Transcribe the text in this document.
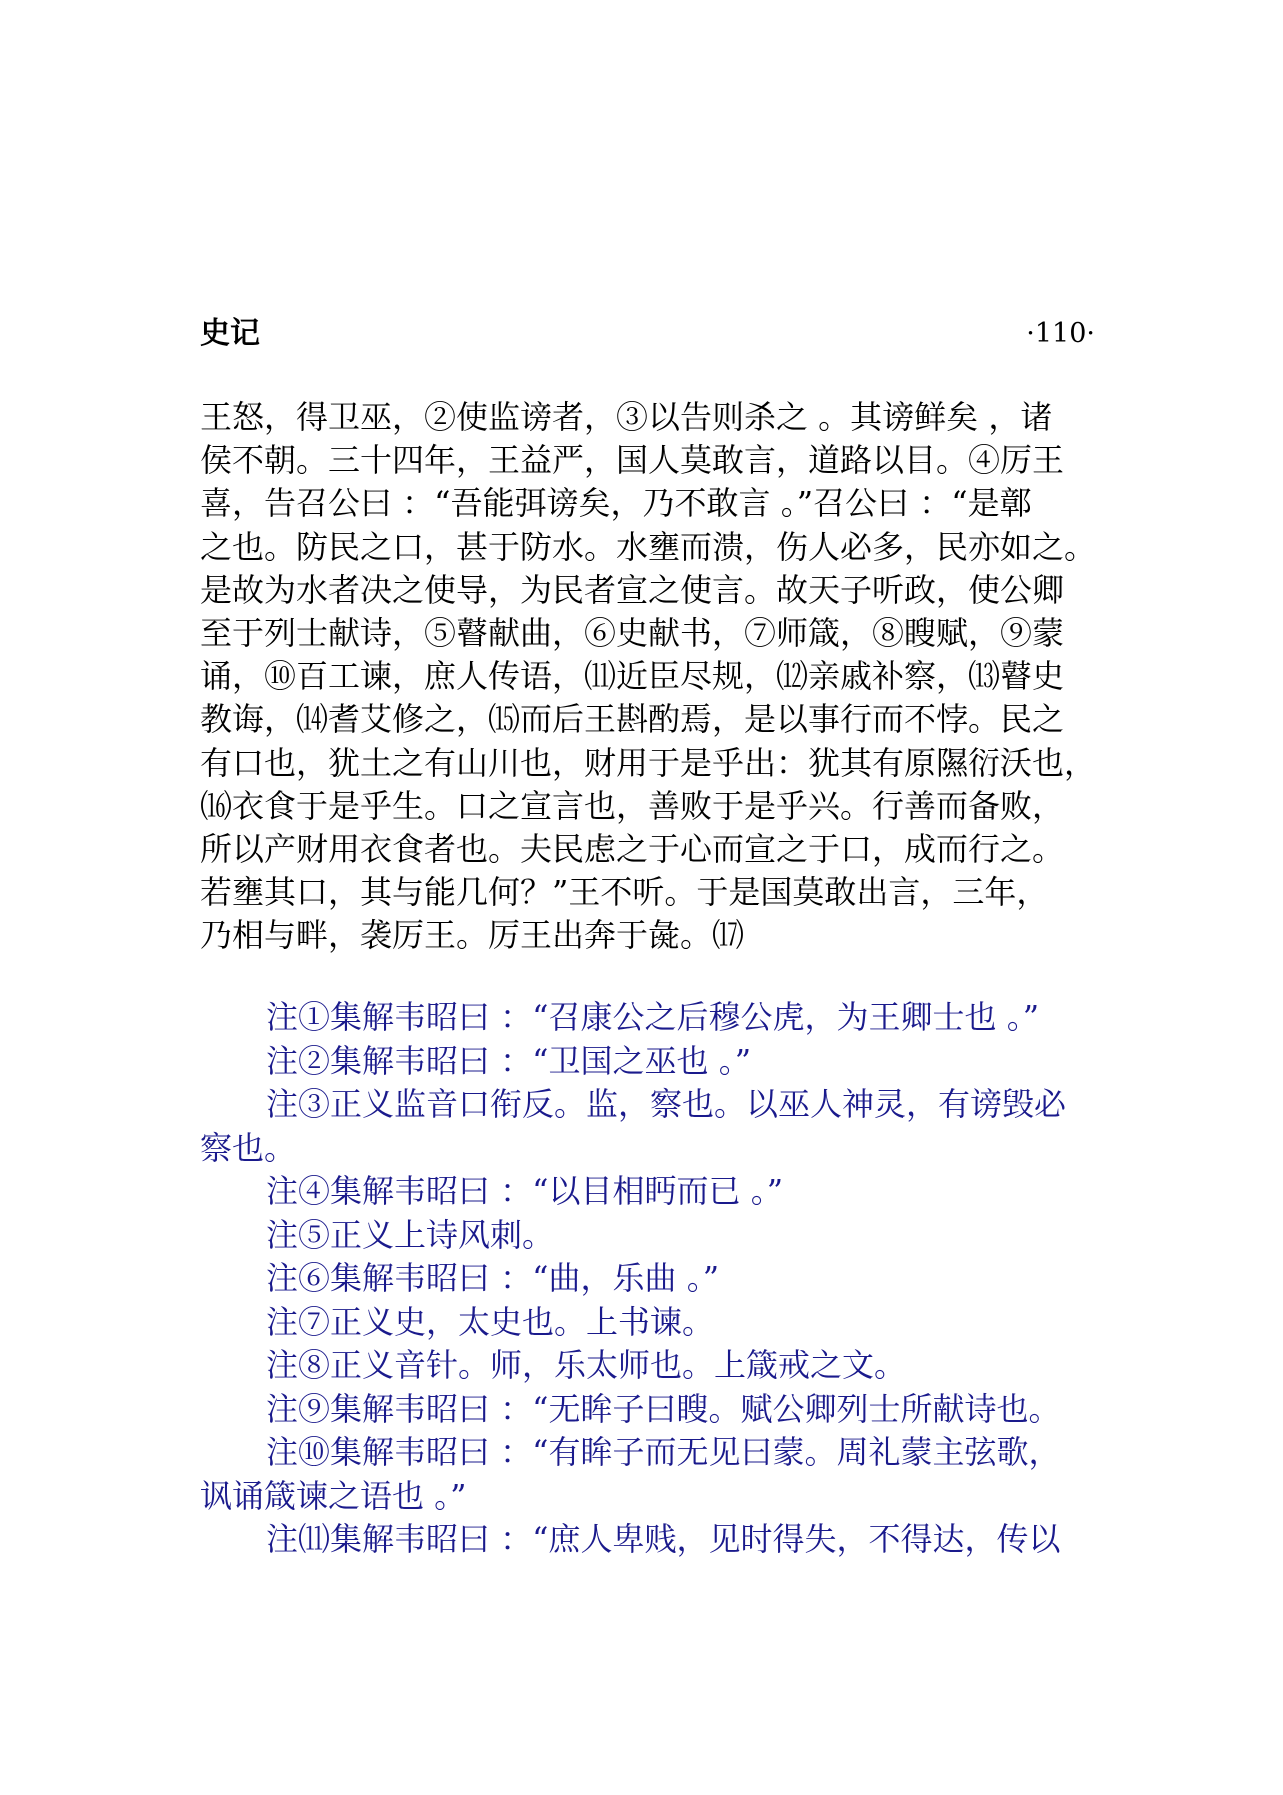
史记	·110·
王怒，得卫巫，②使监谤者，③以告则杀之 。其谤鲜矣 ，诸
侯不朝。三十四年，王益严，国人莫敢言，道路以目。④厉王
喜，告召公曰 ：“吾能弭谤矣，乃不敢言 。”召公曰 ：“是鄣
之也。防民之口，甚于防水。水壅而溃，伤人必多，民亦如之。
是故为水者决之使导，为民者宣之使言。故天子听政，使公卿
至于列士献诗，⑤瞽献曲，⑥史献书，⑦师箴，⑧瞍赋，⑨蒙
诵，⑩百工谏，庶人传语，⑾近臣尽规，⑿亲戚补察，⒀瞽史
教诲，⒁耆艾修之，⒂而后王斟酌焉，是以事行而不悖。民之
有口也，犹土之有山川也，财用于是乎出：犹其有原隰衍沃也，
⒃衣食于是乎生。口之宣言也，善败于是乎兴。行善而备败，
所以产财用衣食者也。夫民虑之于心而宣之于口，成而行之。
若壅其口，其与能几何？”王不听。于是国莫敢出言，三年，
乃相与畔，袭厉王。厉王出奔于彘。⒄
注①集解韦昭曰 ：“召康公之后穆公虎，为王卿士也 。”
注②集解韦昭曰 ：“卫国之巫也 。”
注③正义监音口衔反。监，察也。以巫人神灵，有谤毁必
察也。
注④集解韦昭曰 ：“以目相眄而已 。”
注⑤正义上诗风刺。
注⑥集解韦昭曰 ：“曲，乐曲 。”
注⑦正义史，太史也。上书谏。
注⑧正义音针。师，乐太师也。上箴戒之文。
注⑨集解韦昭曰 ：“无眸子曰瞍。赋公卿列士所献诗也。
注⑩集解韦昭曰 ：“有眸子而无见曰蒙。周礼蒙主弦歌，
讽诵箴谏之语也 。”
注⑾集解韦昭曰 ：“庶人卑贱，见时得失，不得达，传以
